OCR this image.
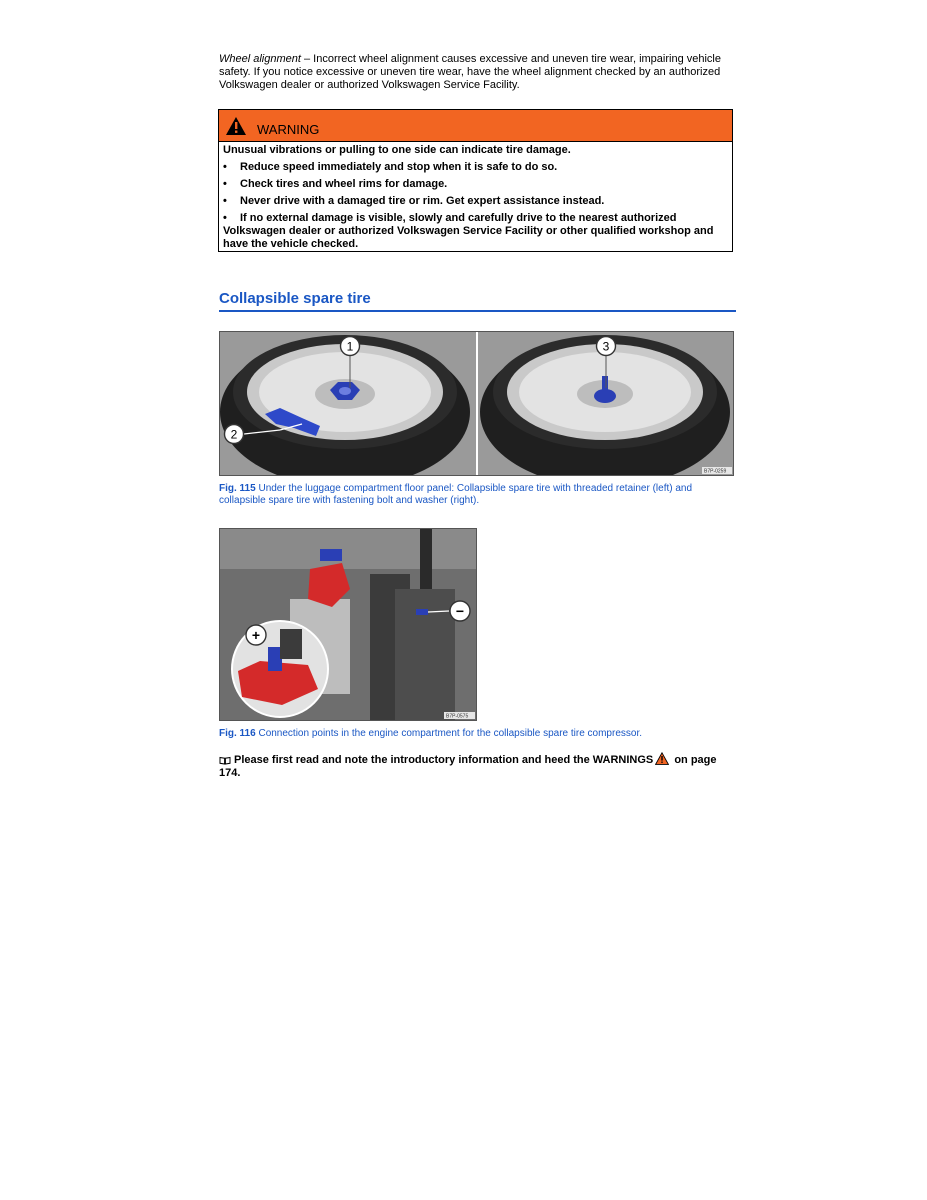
Wheel alignment – Incorrect wheel alignment causes excessive and uneven tire wear, impairing vehicle safety. If you notice excessive or uneven tire wear, have the wheel alignment checked by an authorized Volkswagen dealer or authorized Volkswagen Service Facility.
WARNING
Unusual vibrations or pulling to one side can indicate tire damage.
• Reduce speed immediately and stop when it is safe to do so.
• Check tires and wheel rims for damage.
• Never drive with a damaged tire or rim. Get expert assistance instead.
• If no external damage is visible, slowly and carefully drive to the nearest authorized Volkswagen dealer or authorized Volkswagen Service Facility or other qualified workshop and have the vehicle checked.
Collapsible spare tire
1
2
3
B7P-0259
Fig. 115 Under the luggage compartment floor panel: Collapsible spare tire with threaded retainer (left) and collapsible spare tire with fastening bolt and washer (right).
+
−
B7P-0575
Fig. 116 Connection points in the engine compartment for the collapsible spare tire compressor.
Please first read and note the introductory information and heed the WARNINGS on page 174.
